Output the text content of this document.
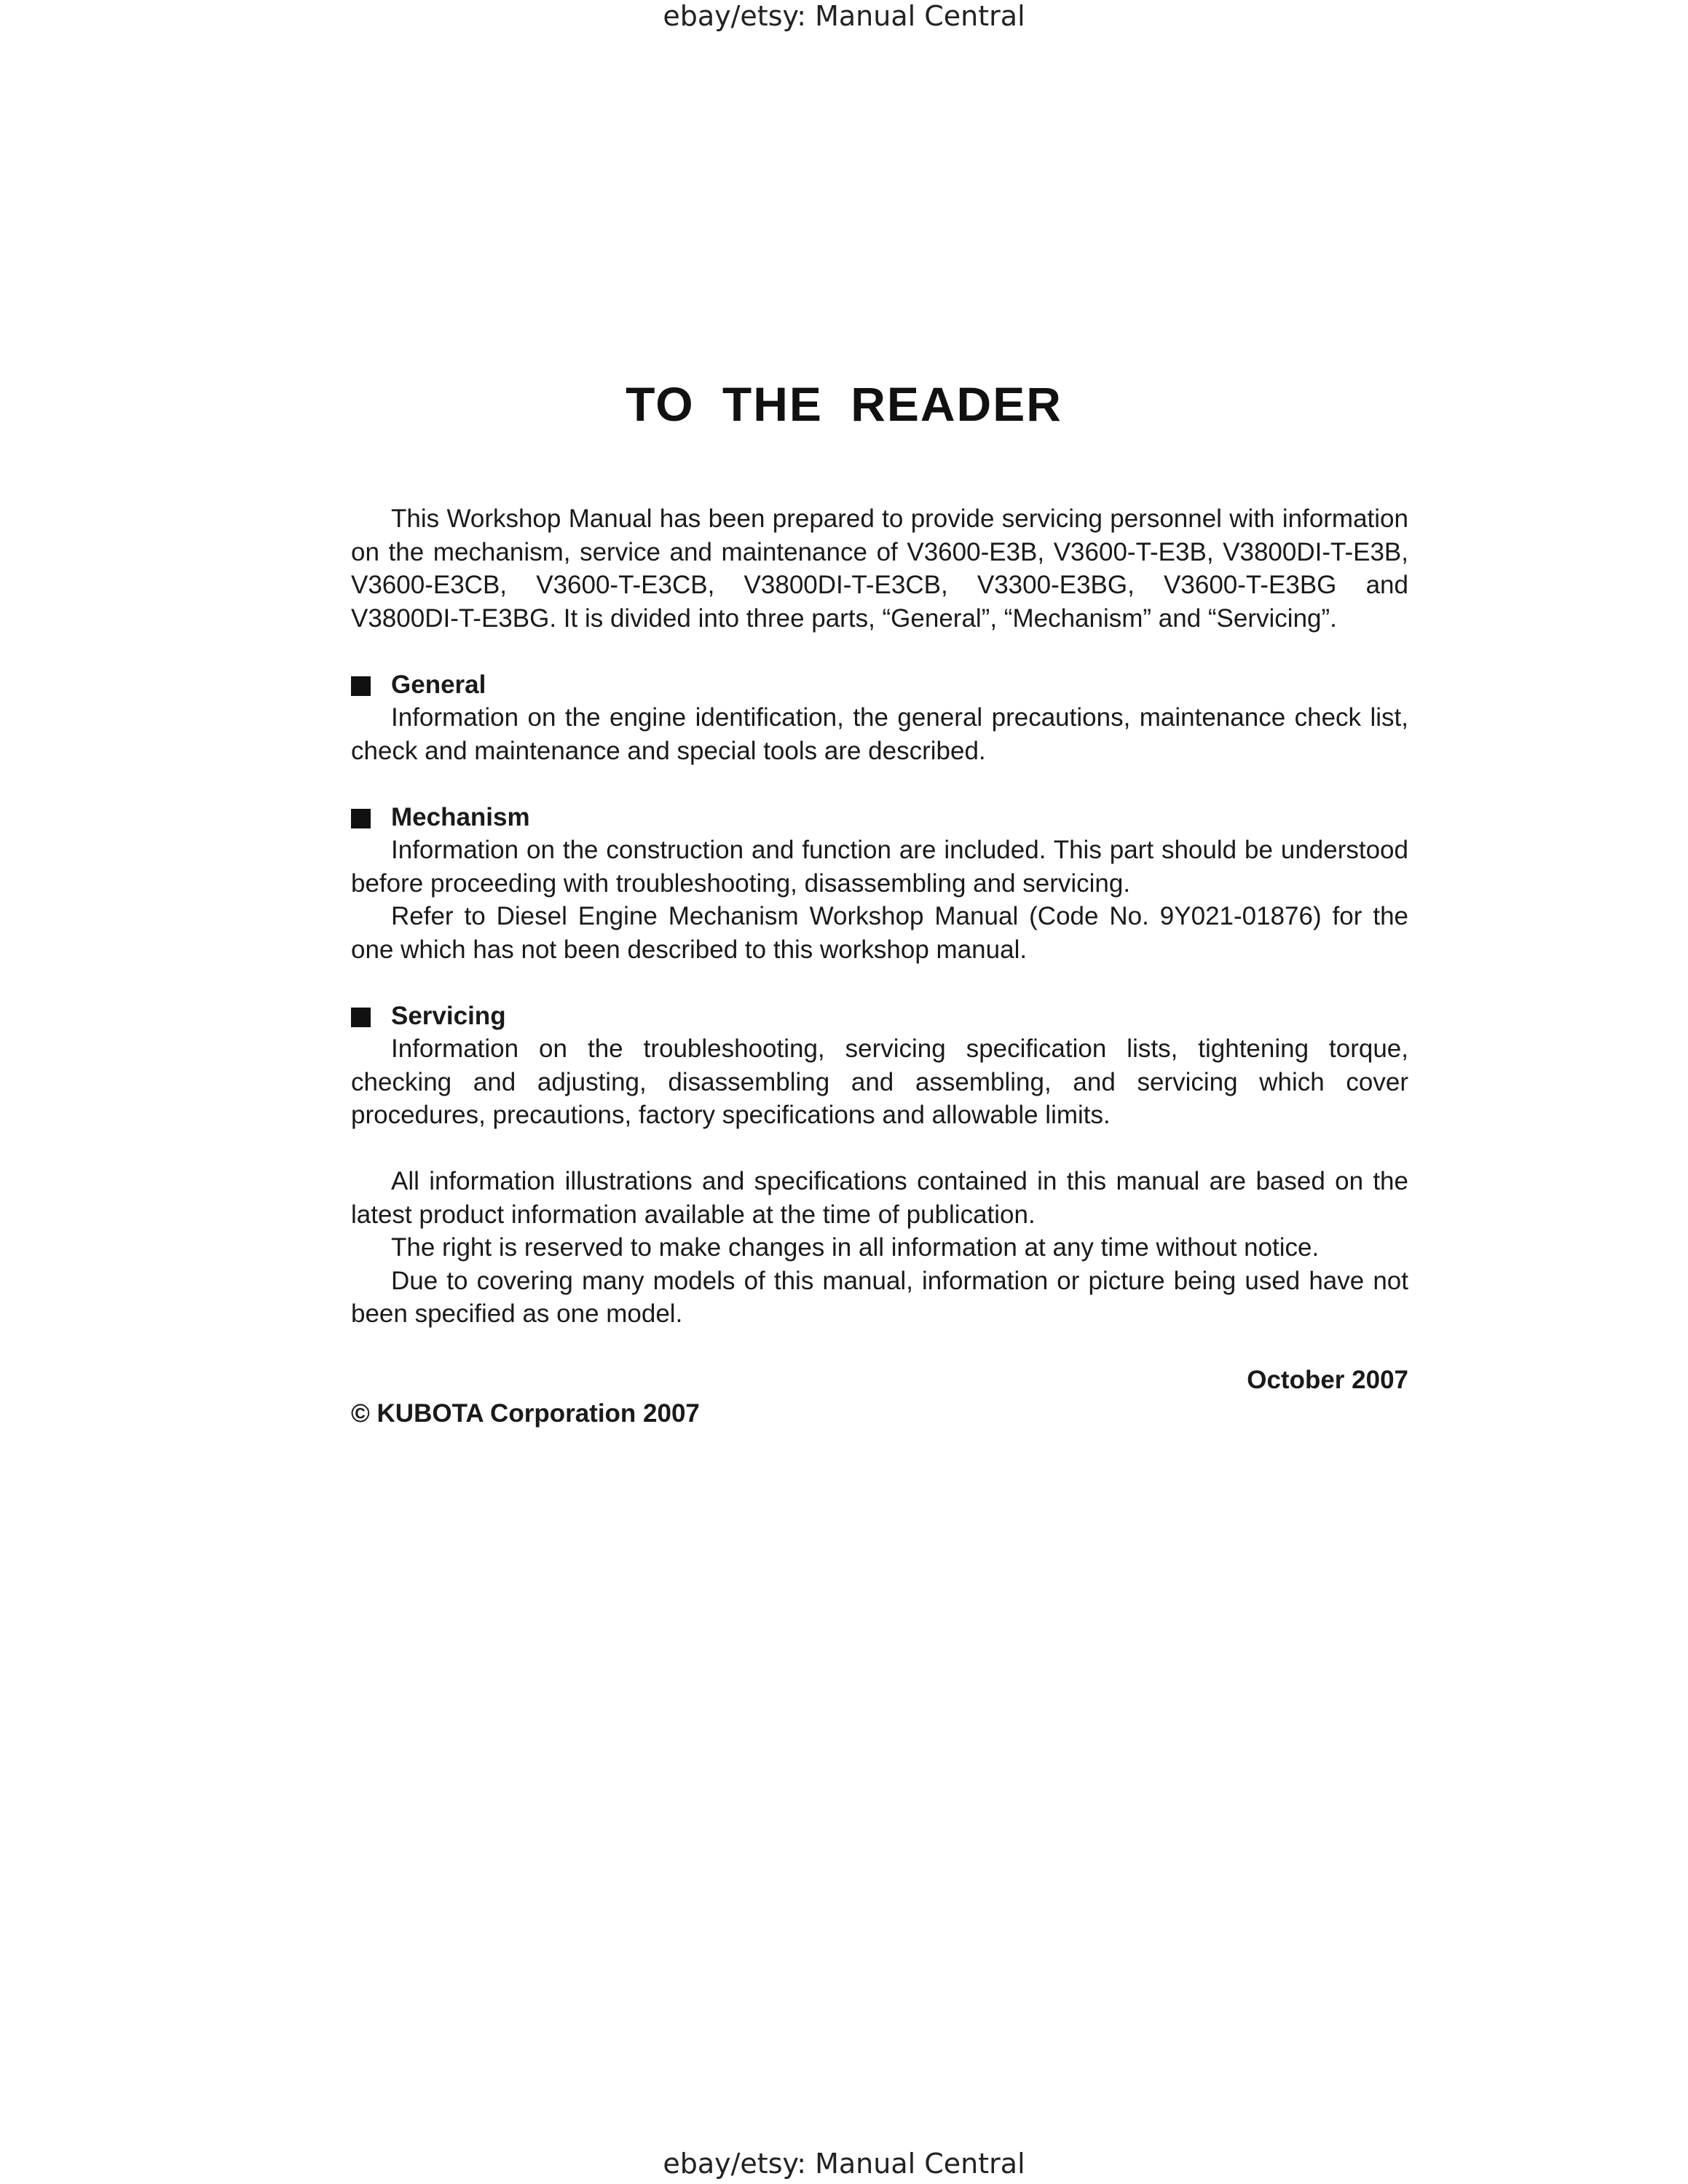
ebay/etsy: Manual Central
TO THE READER

This Workshop Manual has been prepared to provide servicing personnel with information on the mechanism, service and maintenance of V3600-E3B, V3600-T-E3B, V3800DI-T-E3B, V3600-E3CB, V3600-T-E3CB, V3800DI-T-E3CB, V3300-E3BG, V3600-T-E3BG and V3800DI-T-E3BG. It is divided into three parts, “General”, “Mechanism” and “Servicing”.

General

Information on the engine identification, the general precautions, maintenance check list, check and maintenance and special tools are described.

Mechanism

Information on the construction and function are included. This part should be understood before proceeding with troubleshooting, disassembling and servicing.

Refer to Diesel Engine Mechanism Workshop Manual (Code No. 9Y021-01876) for the one which has not been described to this workshop manual.

Servicing

Information on the troubleshooting, servicing specification lists, tightening torque, checking and adjusting, disassembling and assembling, and servicing which cover procedures, precautions, factory specifications and allowable limits.

All information illustrations and specifications contained in this manual are based on the latest product information available at the time of publication.

The right is reserved to make changes in all information at any time without notice.

Due to covering many models of this manual, information or picture being used have not been specified as one model.

October 2007

© KUBOTA Corporation 2007

ebay/etsy: Manual Central
